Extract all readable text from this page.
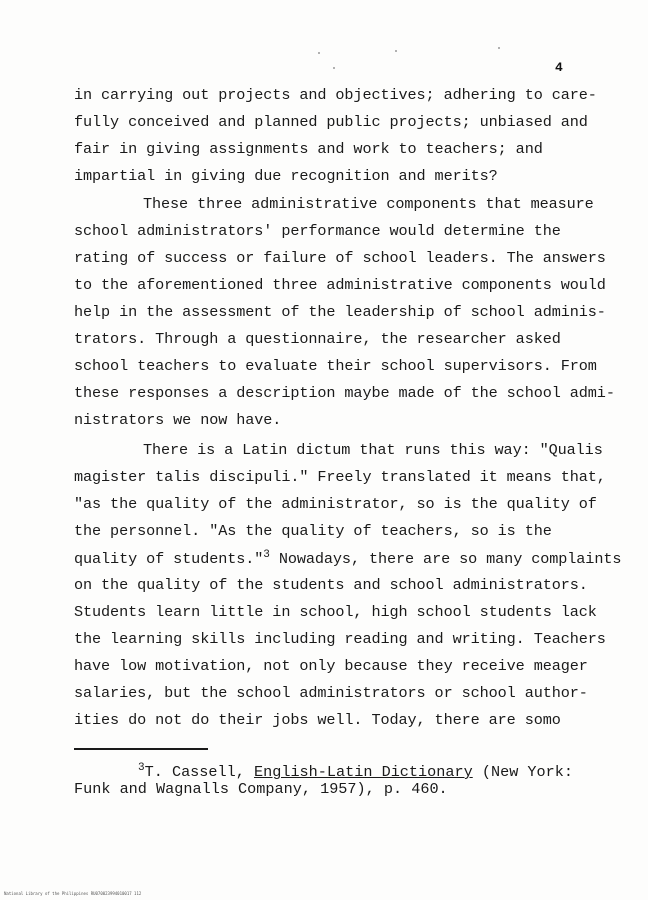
4
in carrying out projects and objectives; adhering to care-
fully conceived and planned public projects; unbiased and
fair in giving assignments and work to teachers; and
impartial in giving due recognition and merits?
These three administrative components that measure
school administrators' performance would determine the
rating of success or failure of school leaders. The answers
to the aforementioned three administrative components would
help in the assessment of the leadership of school adminis-
trators. Through a questionnaire, the researcher asked
school teachers to evaluate their school supervisors. From
these responses a description maybe made of the school admi-
nistrators we now have.
There is a Latin dictum that runs this way: "Qualis
magister talis discipuli." Freely translated it means that,
"as the quality of the administrator, so is the quality of
the personnel. "As the quality of teachers, so is the
quality of students."$^3$ Nowadays, there are so many complaints
on the quality of the students and school administrators.
Students learn little in school, high school students lack
the learning skills including reading and writing. Teachers
have low motivation, not only because they receive meager
salaries, but the school administrators or school author-
ities do not do their jobs well. Today, there are somo
$^3$T. Cassell, English-Latin Dictionary (New York:
Funk and Wagnalls Company, 1957), p. 460.
National Library of the Philippines RU070023994010017 112
